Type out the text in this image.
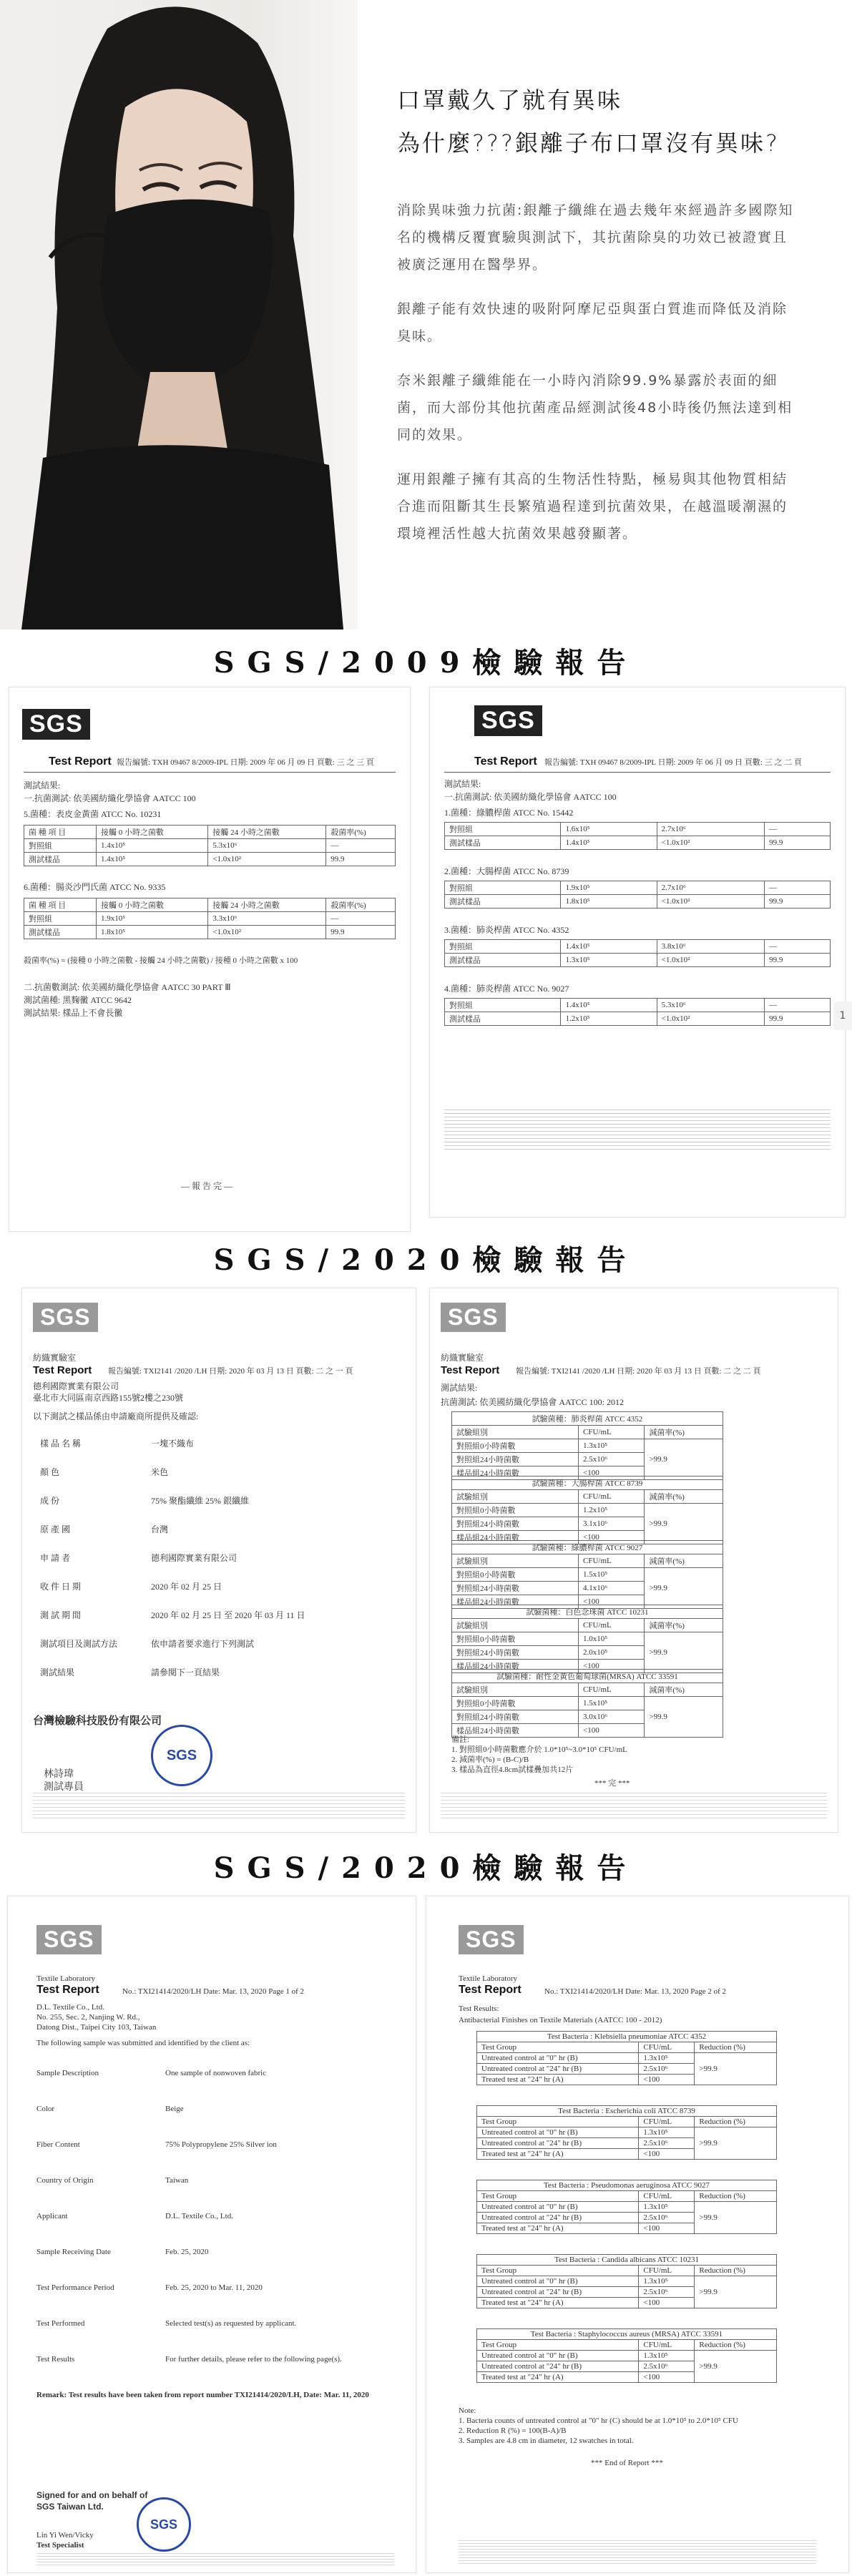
口罩戴久了就有異味

為什麼???銀離子布口罩沒有異味?

消除異味強力抗菌:銀離子纖維在過去幾年來經過許多國際知名的機構反覆實驗與測試下，其抗菌除臭的功效已被證實且被廣泛運用在醫學界。

銀離子能有效快速的吸附阿摩尼亞與蛋白質進而降低及消除臭味。

奈米銀離子纖維能在一小時內消除99.9%暴露於表面的細菌，而大部份其他抗菌產品經測試後48小時後仍無法達到相同的效果。

運用銀離子擁有其高的生物活性特點，極易與其他物質相結合進而阻斷其生長繁殖過程達到抗菌效果，在越溫暖潮濕的環境裡活性越大抗菌效果越發顯著。

SGS/2009檢驗報告
SGS
Test Report 報告編號: TXH 09467 8/2009-IPL 日期: 2009 年 06 月 09 日 頁數: 三 之 三 頁
測試結果:
一.抗菌測試: 依美國紡織化學協會 AATCC 100
5.菌種：表皮金黃菌 ATCC No. 10231
菌 種 項 目	接觸 0 小時之菌數	接觸 24 小時之菌數	殺菌率(%)
對照組	1.4x10⁵	5.3x10⁶	—
測試樣品	1.4x10⁵	<1.0x10²	99.9
6.菌種：腸炎沙門氏菌 ATCC No. 9335
菌 種 項 目	接觸 0 小時之菌數	接觸 24 小時之菌數	殺菌率(%)
對照組	1.9x10⁵	3.3x10⁶	—
測試樣品	1.8x10⁵	<1.0x10²	99.9
殺菌率(%) = (接種 0 小時之菌數 - 接觸 24 小時之菌數) / 接種 0 小時之菌數 x 100
二.抗菌數測試: 依美國紡織化學協會 AATCC 30 PART Ⅲ
測試菌種: 黑麴黴 ATCC 9642
測試結果: 樣品上不會長黴
— 報 告 完 —
SGS
Test Report 報告編號: TXH 09467 8/2009-IPL 日期: 2009 年 06 月 09 日 頁數: 三 之 二 頁
測試結果:
一.抗菌測試: 依美國紡織化學協會 AATCC 100
1.菌種：綠膿桿菌 ATCC No. 15442
對照組	1.6x10⁵	2.7x10⁶	—
測試樣品	1.4x10⁵	<1.0x10²	99.9
2.菌種：大腸桿菌 ATCC No. 8739
對照組	1.9x10⁵	2.7x10⁶	—
測試樣品	1.8x10⁵	<1.0x10²	99.9
3.菌種：肺炎桿菌 ATCC No. 4352
對照組	1.4x10⁵	3.8x10⁶	—
測試樣品	1.3x10⁵	<1.0x10²	99.9
4.菌種：肺炎桿菌 ATCC No. 9027
對照組	1.4x10⁵	5.3x10⁶	—
測試樣品	1.2x10⁵	<1.0x10²	99.9	1
SGS/2020檢驗報告
SGS
紡織實驗室
Test Report 報告編號: TXI2141 /2020 /LH 日期: 2020 年 03 月 13 日 頁數: 二 之 一 頁
德利國際實業有限公司
臺北市大同區南京西路155號2樓之230號
以下測試之樣品係由申請廠商所提供及確認:
樣 品 名 稱	一塊不織布
顏 色	米色
成 份	75% 聚酯纖維 25% 銀纖維
原 產 國	台灣
申 請 者	德利國際實業有限公司
收 件 日 期	2020 年 02 月 25 日
測 試 期 間	2020 年 02 月 25 日 至 2020 年 03 月 11 日
測試項目及測試方法	依申請者要求進行下列測試
測試結果	請參閱下一頁結果
台灣檢驗科技股份有限公司
林詩瑋
測試專員
SGS
SGS
紡織實驗室
Test Report 報告編號: TXI2141 /2020 /LH 日期: 2020 年 03 月 13 日 頁數: 二 之 二 頁
測試結果:
抗菌測試: 依美國紡織化學協會 AATCC 100: 2012
試驗菌種：肺炎桿菌 ATCC 4352		
試驗組別	CFU/mL	減菌率(%)
對照組0小時菌數	1.3x10⁵	>99.9
對照組24小時菌數	2.5x10⁶	
樣品組24小時菌數	<100	
試驗菌種：大腸桿菌 ATCC 8739		
試驗組別	CFU/mL	減菌率(%)
對照組0小時菌數	1.2x10⁵	>99.9
對照組24小時菌數	3.1x10⁶	
樣品組24小時菌數	<100	
試驗菌種：綠膿桿菌 ATCC 9027		
試驗組別	CFU/mL	減菌率(%)
對照組0小時菌數	1.5x10⁵	>99.9
對照組24小時菌數	4.1x10⁶	
樣品組24小時菌數	<100	
試驗菌種：白色念珠菌 ATCC 10231		
試驗組別	CFU/mL	減菌率(%)
對照組0小時菌數	1.0x10⁵	>99.9
對照組24小時菌數	2.0x10⁵	
樣品組24小時菌數	<100	
試驗菌種：耐性金黃色葡萄球菌(MRSA) ATCC 33591		
試驗組別	CFU/mL	減菌率(%)
對照組0小時菌數	1.5x10⁵	>99.9
對照組24小時菌數	3.0x10⁶	
樣品組24小時菌數	<100	
備註:
1. 對照組0小時菌數應介於 1.0*10⁵~3.0*10⁵ CFU/mL
2. 減菌率(%) = (B-C)/B
3. 樣品為直徑4.8cm試樣疊加共12片
*** 完 ***
SGS/2020檢驗報告
SGS
Textile Laboratory
Test Report	No.: TXI21414/2020/LH Date: Mar. 13, 2020 Page 1 of 2
D.L. Textile Co., Ltd.
No. 255, Sec. 2, Nanjing W. Rd.,
Datong Dist., Taipei City 103, Taiwan
The following sample was submitted and identified by the client as:
Sample Description	One sample of nonwoven fabric
Color	Beige
Fiber Content	75% Polypropylene 25% Silver ion
Country of Origin	Taiwan
Applicant	D.L. Textile Co., Ltd.
Sample Receiving Date	Feb. 25, 2020
Test Performance Period	Feb. 25, 2020 to Mar. 11, 2020
Test Performed	Selected test(s) as requested by applicant.
Test Results	For further details, please refer to the following page(s).
Remark: Test results have been taken from report number TXI21414/2020/LH, Date: Mar. 11, 2020
Signed for and on behalf of
SGS Taiwan Ltd.
SGS
Lin Yi Wen/Vicky
Test Specialist
SGS
Textile Laboratory
Test Report	No.: TXI21414/2020/LH Date: Mar. 13, 2020 Page 2 of 2
Test Results:
Antibacterial Finishes on Textile Materials (AATCC 100 - 2012)
Test Bacteria : Klebsiella pneumoniae ATCC 4352		
Test Group	CFU/mL	Reduction (%)
Untreated control at "0" hr (B)	1.3x10⁵	>99.9
Untreated control at "24" hr (B)	2.5x10⁶	
Treated test at "24" hr (A)	<100	
Test Bacteria : Escherichia coli ATCC 8739		
Test Group	CFU/mL	Reduction (%)
Untreated control at "0" hr (B)	1.3x10⁵	>99.9
Untreated control at "24" hr (B)	2.5x10⁶	
Treated test at "24" hr (A)	<100	
Test Bacteria : Pseudomonas aeruginosa ATCC 9027		
Test Group	CFU/mL	Reduction (%)
Untreated control at "0" hr (B)	1.3x10⁵	>99.9
Untreated control at "24" hr (B)	2.5x10⁶	
Treated test at "24" hr (A)	<100	
Test Bacteria : Candida albicans ATCC 10231		
Test Group	CFU/mL	Reduction (%)
Untreated control at "0" hr (B)	1.3x10⁵	>99.9
Untreated control at "24" hr (B)	2.5x10⁶	
Treated test at "24" hr (A)	<100	
Test Bacteria : Staphylococcus aureus (MRSA) ATCC 33591		
Test Group	CFU/mL	Reduction (%)
Untreated control at "0" hr (B)	1.3x10⁵	>99.9
Untreated control at "24" hr (B)	2.5x10⁶	
Treated test at "24" hr (A)	<100	
Note:
1. Bacteria counts of untreated control at "0" hr (C) should be at 1.0*10⁵ to 2.0*10⁵ CFU
2. Reduction R (%) = 100(B-A)/B
3. Samples are 4.8 cm in diameter, 12 swatches in total.
*** End of Report ***
